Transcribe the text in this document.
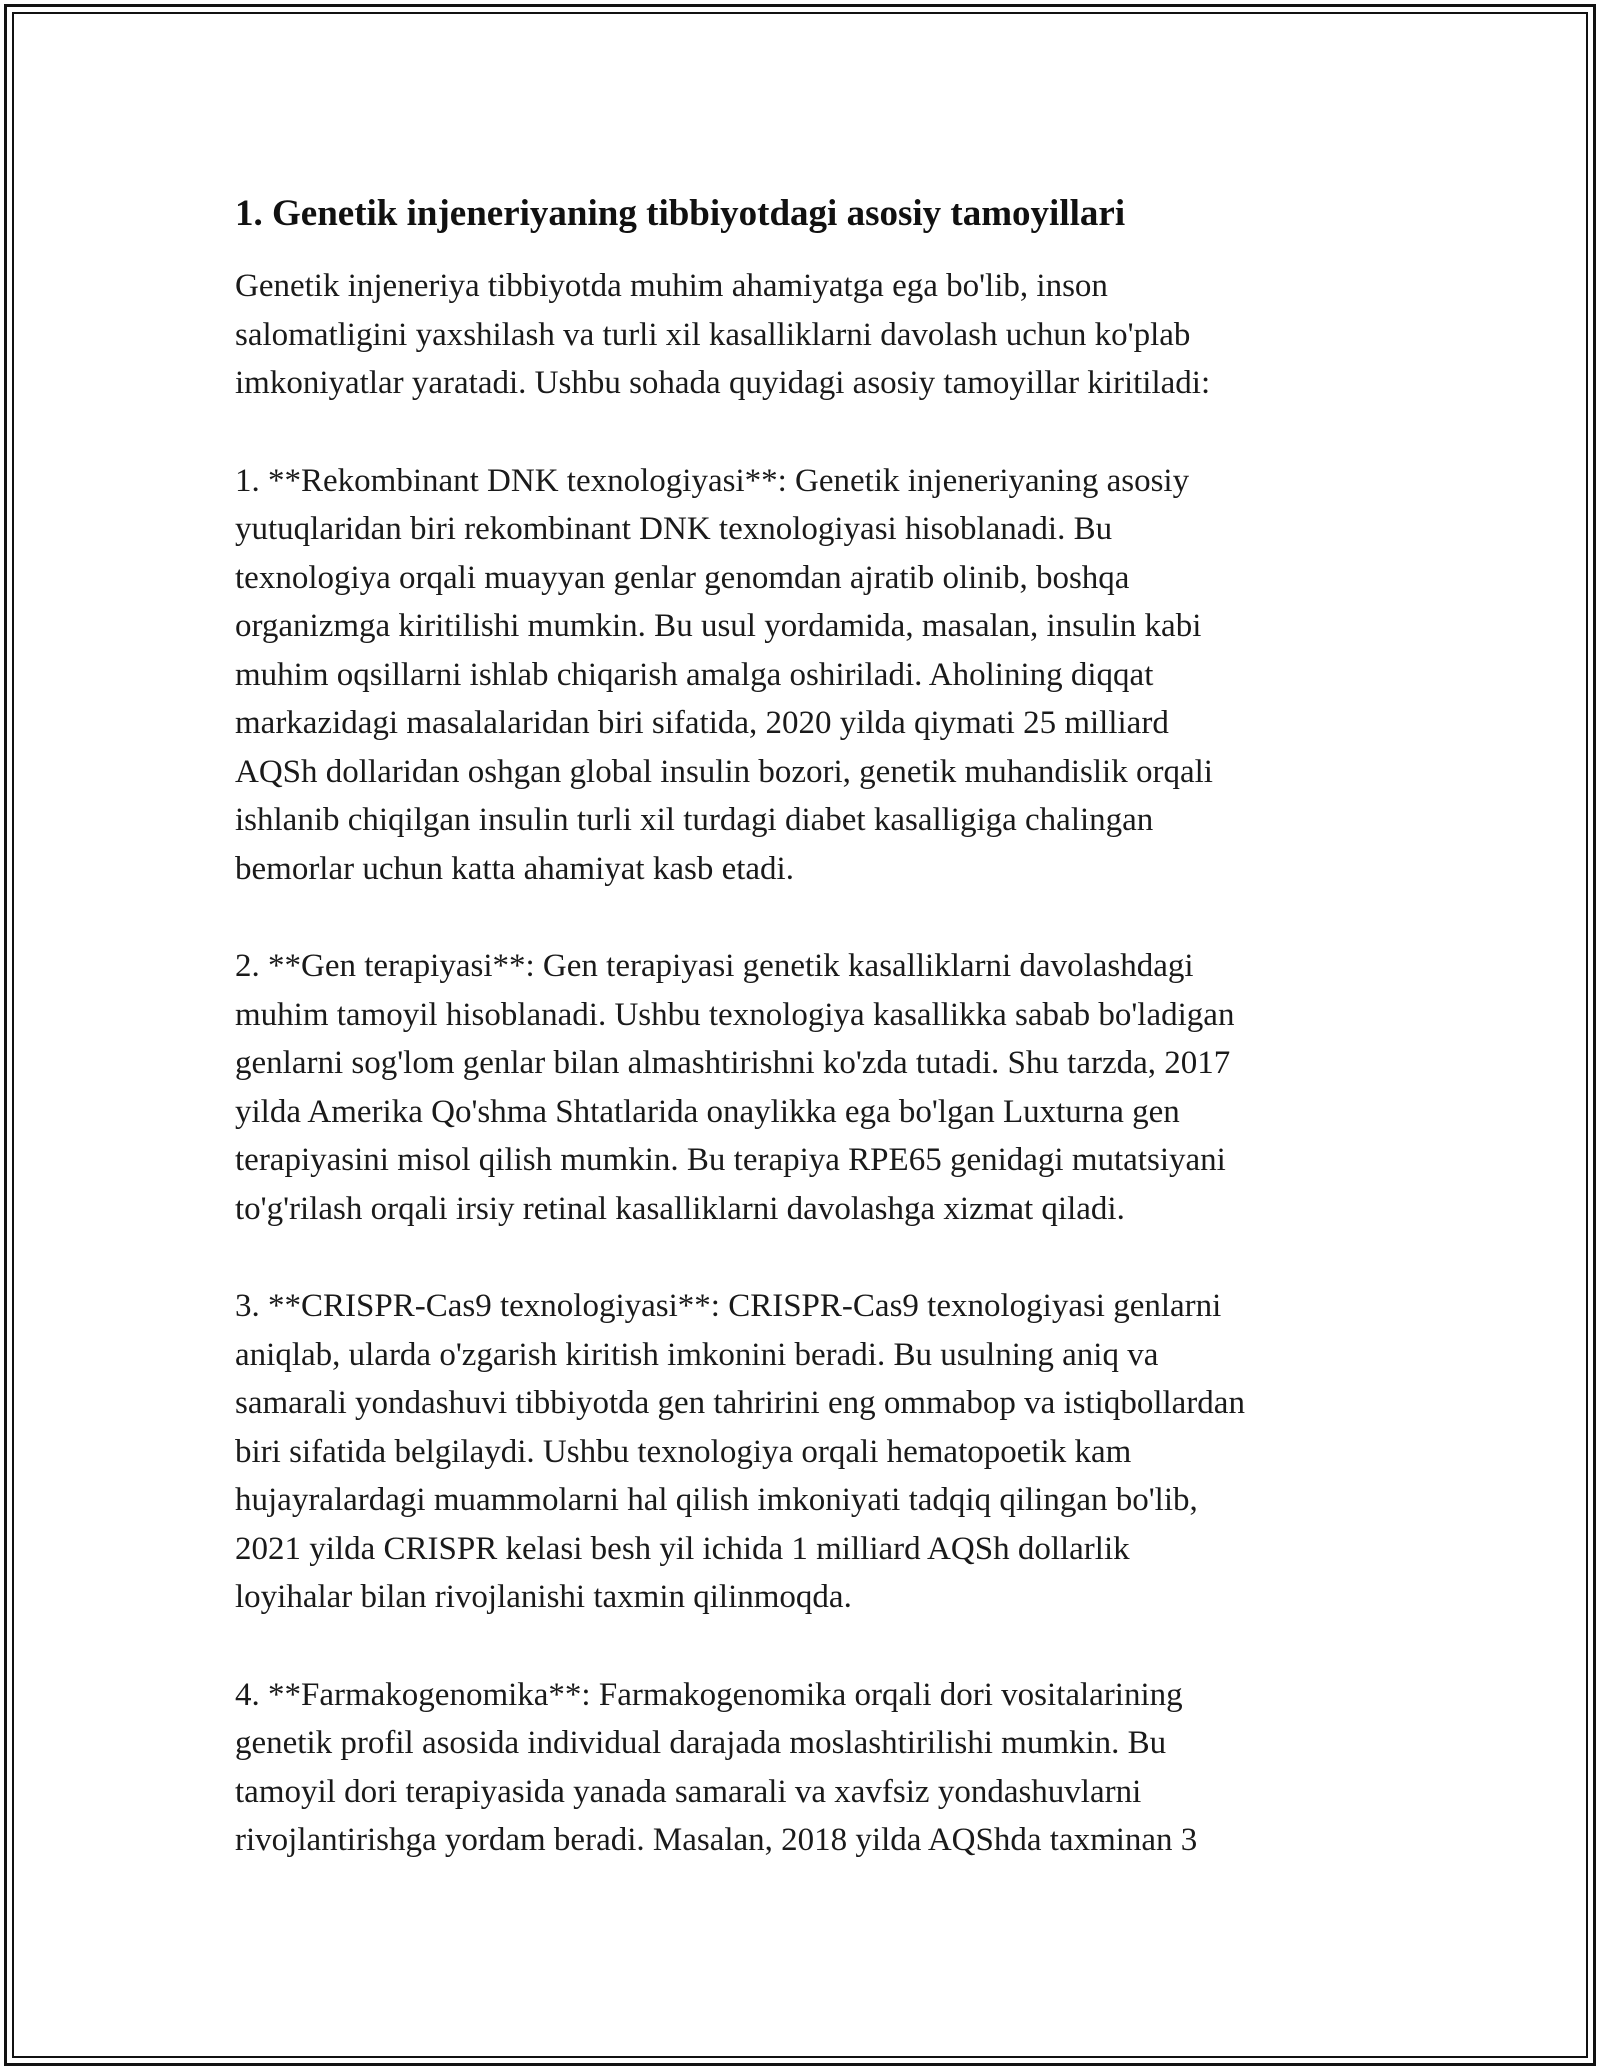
1. Genetik injeneriyaning tibbiyotdagi asosiy tamoyillari

Genetik injeneriya tibbiyotda muhim ahamiyatga ega bo'lib, inson
salomatligini yaxshilash va turli xil kasalliklarni davolash uchun ko'plab
imkoniyatlar yaratadi. Ushbu sohada quyidagi asosiy tamoyillar kiritiladi:

1. **Rekombinant DNK texnologiyasi**: Genetik injeneriyaning asosiy
yutuqlaridan biri rekombinant DNK texnologiyasi hisoblanadi. Bu
texnologiya orqali muayyan genlar genomdan ajratib olinib, boshqa
organizmga kiritilishi mumkin. Bu usul yordamida, masalan, insulin kabi
muhim oqsillarni ishlab chiqarish amalga oshiriladi. Aholining diqqat
markazidagi masalalaridan biri sifatida, 2020 yilda qiymati 25 milliard
AQSh dollaridan oshgan global insulin bozori, genetik muhandislik orqali
ishlanib chiqilgan insulin turli xil turdagi diabet kasalligiga chalingan
bemorlar uchun katta ahamiyat kasb etadi.

2. **Gen terapiyasi**: Gen terapiyasi genetik kasalliklarni davolashdagi
muhim tamoyil hisoblanadi. Ushbu texnologiya kasallikka sabab bo'ladigan
genlarni sog'lom genlar bilan almashtirishni ko'zda tutadi. Shu tarzda, 2017
yilda Amerika Qo'shma Shtatlarida onaylikka ega bo'lgan Luxturna gen
terapiyasini misol qilish mumkin. Bu terapiya RPE65 genidagi mutatsiyani
to'g'rilash orqali irsiy retinal kasalliklarni davolashga xizmat qiladi.

3. **CRISPR-Cas9 texnologiyasi**: CRISPR-Cas9 texnologiyasi genlarni
aniqlab, ularda o'zgarish kiritish imkonini beradi. Bu usulning aniq va
samarali yondashuvi tibbiyotda gen tahririni eng ommabop va istiqbollardan
biri sifatida belgilaydi. Ushbu texnologiya orqali hematopoetik kam
hujayralardagi muammolarni hal qilish imkoniyati tadqiq qilingan bo'lib,
2021 yilda CRISPR kelasi besh yil ichida 1 milliard AQSh dollarlik
loyihalar bilan rivojlanishi taxmin qilinmoqda.

4. **Farmakogenomika**: Farmakogenomika orqali dori vositalarining
genetik profil asosida individual darajada moslashtirilishi mumkin. Bu
tamoyil dori terapiyasida yanada samarali va xavfsiz yondashuvlarni
rivojlantirishga yordam beradi. Masalan, 2018 yilda AQShda taxminan 3
